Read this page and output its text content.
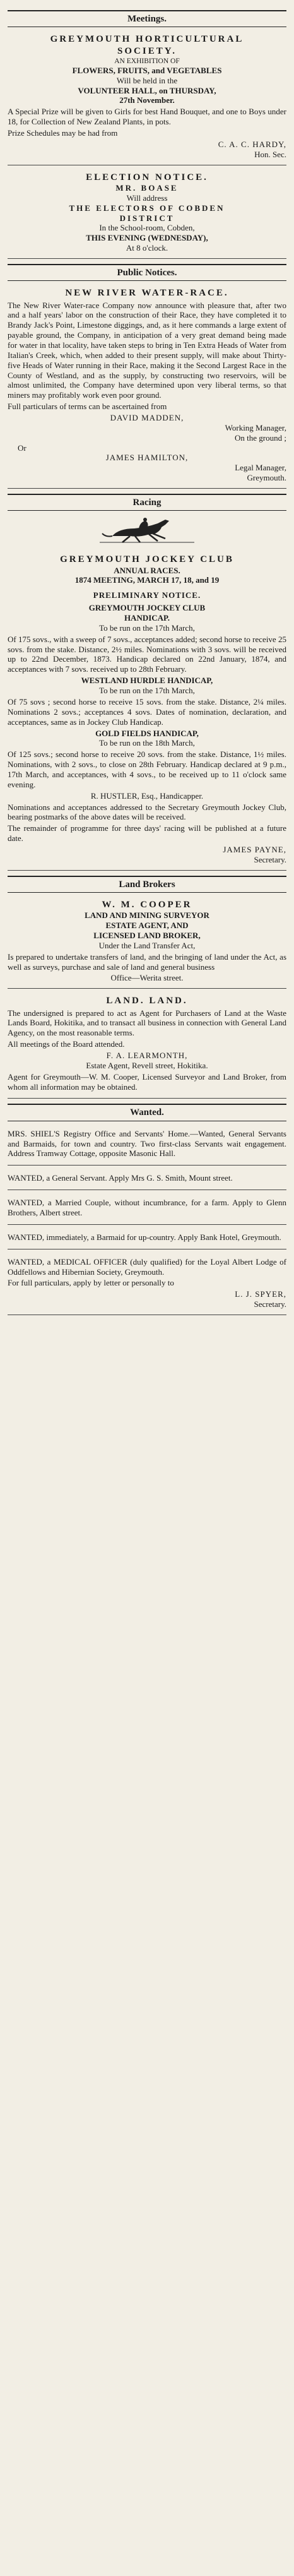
Meetings.
GREYMOUTH HORTICULTURAL
SOCIETY.
AN EXHIBITION OF
FLOWERS, FRUITS, and VEGETABLES
Will be held in the
VOLUNTEER HALL, on THURSDAY,
27th November.

A Special Prize will be given to Girls for best Hand Bouquet, and one to Boys under 18, for Collection of New Zealand Plants, in pots.

Prize Schedules may be had from

C. A. C. HARDY,
Hon. Sec.
ELECTION NOTICE.
MR. BOASE
Will address
THE ELECTORS OF COBDEN
DISTRICT
In the School-room, Cobden,
THIS EVENING (WEDNESDAY),
At 8 o'clock.
Public Notices.
NEW RIVER WATER-RACE.

The New River Water-race Company now announce with pleasure that, after two and a half years' labor on the construction of their Race, they have completed it to Brandy Jack's Point, Limestone diggings, and, as it here commands a large extent of payable ground, the Company, in anticipation of a very great demand being made for water in that locality, have taken steps to bring in Ten Extra Heads of Water from Italian's Creek, which, when added to their present supply, will make about Thirty-five Heads of Water running in their Race, making it the Second Largest Race in the County of Westland, and as the supply, by constructing two reservoirs, will be almost unlimited, the Company have determined upon very liberal terms, so that miners may profitably work even poor ground.

Full particulars of terms can be ascertained from

DAVID MADDEN,
Working Manager,
On the ground ;
Or
JAMES HAMILTON,
Legal Manager,
Greymouth.
Racing
GREYMOUTH JOCKEY CLUB
ANNUAL RACES.
1874 MEETING, MARCH 17, 18, and 19
PRELIMINARY NOTICE.
GREYMOUTH JOCKEY CLUB
HANDICAP.
To be run on the 17th March,

Of 175 sovs., with a sweep of 7 sovs., acceptances added; second horse to receive 25 sovs. from the stake. Distance, 2½ miles. Nominations with 3 sovs. will be received up to 22nd December, 1873. Handicap declared on 22nd January, 1874, and acceptances with 7 sovs. received up to 28th February.

WESTLAND HURDLE HANDICAP,
To be run on the 17th March,

Of 75 sovs ; second horse to receive 15 sovs. from the stake. Distance, 2¼ miles. Nominations 2 sovs.; acceptances 4 sovs. Dates of nomination, declaration, and acceptances, same as in Jockey Club Handicap.

GOLD FIELDS HANDICAP,
To be run on the 18th March,

Of 125 sovs.; second horse to receive 20 sovs. from the stake. Distance, 1½ miles. Nominations, with 2 sovs., to close on 28th February. Handicap declared at 9 p.m., 17th March, and acceptances, with 4 sovs., to be received up to 11 o'clock same evening.

R. HUSTLER, Esq., Handicapper.

Nominations and acceptances addressed to the Secretary Greymouth Jockey Club, bearing postmarks of the above dates will be received.

The remainder of programme for three days' racing will be published at a future date.

JAMES PAYNE,
Secretary.
Land Brokers
W. M. COOPER
LAND AND MINING SURVEYOR
ESTATE AGENT, AND
LICENSED LAND BROKER,
Under the Land Transfer Act,

Is prepared to undertake transfers of land, and the bringing of land under the Act, as well as surveys, purchase and sale of land and general business

Office—Werita street.
LAND. LAND.

The undersigned is prepared to act as Agent for Purchasers of Land at the Waste Lands Board, Hokitika, and to transact all business in connection with General Land Agency, on the most reasonable terms.

All meetings of the Board attended.

F. A. LEARMONTH,
Estate Agent, Revell street, Hokitika.

Agent for Greymouth—W. M. Cooper, Licensed Surveyor and Land Broker, from whom all information may be obtained.

Wanted.

MRS. SHIEL'S Registry Office and Servants' Home.—Wanted, General Servants and Barmaids, for town and country. Two first-class Servants wait engagement. Address Tramway Cottage, opposite Masonic Hall.

WANTED, a General Servant. Apply Mrs G. S. Smith, Mount street.

WANTED, a Married Couple, without incumbrance, for a farm. Apply to Glenn Brothers, Albert street.

WANTED, immediately, a Barmaid for up-country. Apply Bank Hotel, Greymouth.

WANTED, a MEDICAL OFFICER (duly qualified) for the Loyal Albert Lodge of Oddfellows and Hibernian Society, Greymouth.

For full particulars, apply by letter or personally to

L. J. SPYER,
Secretary.
